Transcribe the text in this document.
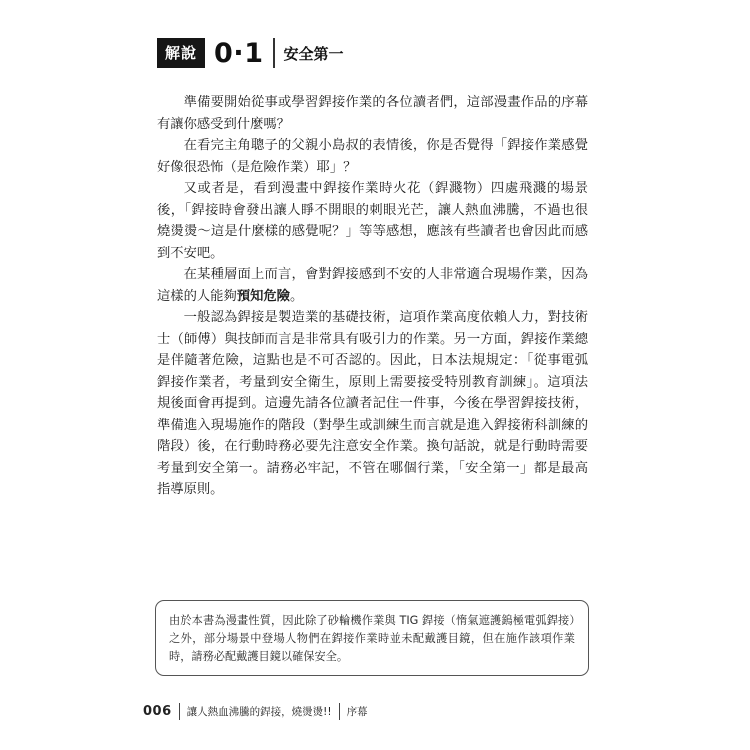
解說 0‧1 安全第一

準備要開始從事或學習銲接作業的各位讀者們，這部漫畫作品的序幕有讓你感受到什麼嗎？

在看完主角聰子的父親小島叔的表情後，你是否覺得「銲接作業感覺好像很恐怖（是危險作業）耶」？

又或者是，看到漫畫中銲接作業時火花（銲濺物）四處飛濺的場景後，「銲接時會發出讓人睜不開眼的刺眼光芒，讓人熱血沸騰，不過也很燒燙燙～這是什麼樣的感覺呢？」等等感想，應該有些讀者也會因此而感到不安吧。

在某種層面上而言，會對銲接感到不安的人非常適合現場作業，因為這樣的人能夠預知危險。

一般認為銲接是製造業的基礎技術，這項作業高度依賴人力，對技術士（師傅）與技師而言是非常具有吸引力的作業。另一方面，銲接作業總是伴隨著危險，這點也是不可否認的。因此，日本法規規定：「從事電弧銲接作業者，考量到安全衛生，原則上需要接受特別教育訓練」。這項法規後面會再提到。這邊先請各位讀者記住一件事，今後在學習銲接技術，準備進入現場施作的階段（對學生或訓練生而言就是進入銲接術科訓練的階段）後，在行動時務必要先注意安全作業。換句話說，就是行動時需要考量到安全第一。請務必牢記，不管在哪個行業，「安全第一」都是最高指導原則。

由於本書為漫畫性質，因此除了砂輪機作業與 TIG 銲接（惰氣遮護鎢極電弧銲接）之外，部分場景中登場人物們在銲接作業時並未配戴護目鏡，但在施作該項作業時，請務必配戴護目鏡以確保安全。

006 讓人熱血沸騰的銲接，燒燙燙!! 序幕
